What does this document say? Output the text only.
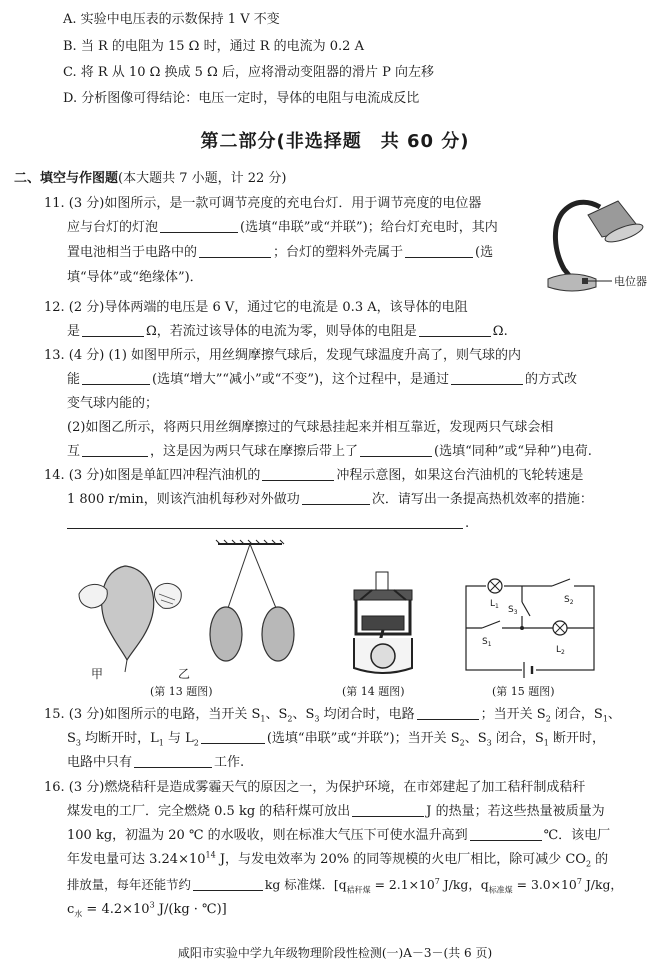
A. 实验中电压表的示数保持 1 V 不变
B. 当 R 的电阻为 15 Ω 时，通过 R 的电流为 0.2 A
C. 将 R 从 10 Ω 换成 5 Ω 后，应将滑动变阻器的滑片 P 向左移
D. 分析图像可得结论：电压一定时，导体的电阻与电流成反比
第二部分(非选择题　共 60 分)
二、填空与作图题(本大题共 7 小题，计 22 分)
11. (3 分)如图所示，是一款可调节亮度的充电台灯．用于调节亮度的电位器
应与台灯的灯泡	(选填“串联”或“并联”)；给台灯充电时，其内
置电池相当于电路中的	；台灯的塑料外壳属于	(选
填“导体”或“绝缘体”)．	电位器
12. (2 分)导体两端的电压是 6 V，通过它的电流是 0.3 A，该导体的电阻
是	Ω，若流过该导体的电流为零，则导体的电阻是	Ω.
13. (4 分) (1) 如图甲所示，用丝绸摩擦气球后，发现气球温度升高了，则气球的内
能	(选填“增大”“减小”或“不变”)，这个过程中，是通过	的方式改
变气球内能的；
(2)如图乙所示，将两只用丝绸摩擦过的气球悬挂起来并相互靠近，发现两只气球会相
互	，这是因为两只气球在摩擦后带上了	(选填“同种”或“异种”)电荷.
14. (3 分)如图是单缸四冲程汽油机的	冲程示意图，如果这台汽油机的飞轮转速是
1 800 r/min，则该汽油机每秒对外做功	次．请写出一条提高热机效率的措施：
.
甲	乙
$L_1$
$S_2$
$S_3$
$S_1$
$L_2$
(第 13 题图)	(第 14 题图)	(第 15 题图)
15. (3 分)如图所示的电路，当开关 $S_1$、$S_2$、$S_3$ 均闭合时，电路	；当开关 $S_2$ 闭合，$S_1$、
$S_3$ 均断开时，$L_1$ 与 $L_2$	(选填“串联”或“并联”)；当开关 $S_2$、$S_3$ 闭合，$S_1$ 断开时，
电路中只有	工作.
16. (3 分)燃烧秸秆是造成雾霾天气的原因之一，为保护环境，在市郊建起了加工秸秆制成秸秆
煤发电的工厂．完全燃烧 0.5 kg 的秸秆煤可放出	J 的热量；若这些热量被质量为
100 kg，初温为 20 ℃ 的水吸收，则在标准大气压下可使水温升高到	℃．该电厂
年发电量可达 $3.24\times 10^{14}$ J，与发电效率为 20% 的同等规模的火电厂相比，除可减少 $CO_2$ 的
排放量，每年还能节约	kg 标准煤．[$q_{秸秆煤} = 2.1\times 10^7$ J/kg，$q_{标准煤} = 3.0\times 10^7$ J/kg，
$c_水 = 4.2\times 10^3$ J/(kg · ℃)]
咸阳市实验中学九年级物理阶段性检测(一)A－3－(共 6 页)
